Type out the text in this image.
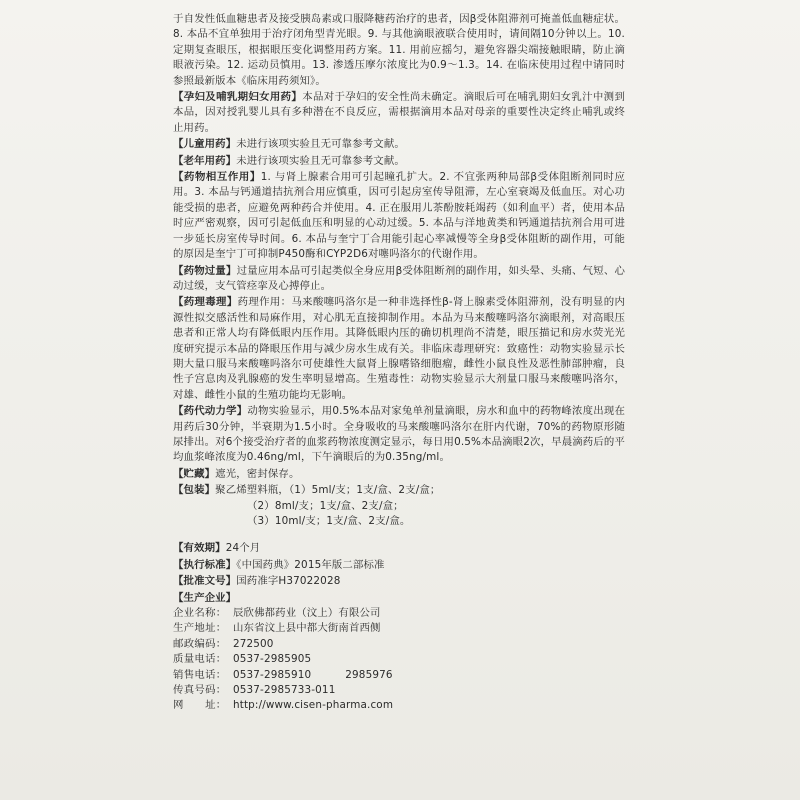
于自发性低血糖患者及接受胰岛素或口服降糖药治疗的患者，因β受体阻滞剂可掩盖低血糖症状。8. 本品不宜单独用于治疗闭角型青光眼。9. 与其他滴眼液联合使用时，请间隔10分钟以上。10. 定期复查眼压，根据眼压变化调整用药方案。11. 用前应摇匀，避免容器尖端接触眼睛，防止滴眼液污染。12. 运动员慎用。13. 渗透压摩尔浓度比为0.9～1.3。14. 在临床使用过程中请同时参照最新版本《临床用药须知》。

【孕妇及哺乳期妇女用药】本品对于孕妇的安全性尚未确定。滴眼后可在哺乳期妇女乳汁中测到本品，因对授乳婴儿具有多种潜在不良反应，需根据滴用本品对母亲的重要性决定终止哺乳或终止用药。

【儿童用药】未进行该项实验且无可靠参考文献。

【老年用药】未进行该项实验且无可靠参考文献。

【药物相互作用】1. 与肾上腺素合用可引起瞳孔扩大。2. 不宜张两种局部β受体阻断剂同时应用。3. 本品与钙通道拮抗剂合用应慎重，因可引起房室传导阻滞，左心室衰竭及低血压。对心功能受损的患者，应避免两种药合并使用。4. 正在服用儿茶酚胺耗竭药（如利血平）者，使用本品时应严密观察，因可引起低血压和明显的心动过缓。5. 本品与洋地黄类和钙通道拮抗剂合用可进一步延长房室传导时间。6. 本品与奎宁丁合用能引起心率减慢等全身β受体阻断的副作用，可能的原因是奎宁丁可抑制P450酶和CYP2D6对噻吗洛尔的代谢作用。

【药物过量】过量应用本品可引起类似全身应用β受体阻断剂的副作用，如头晕、头痛、气短、心动过缓，支气管痉挛及心搏停止。

【药理毒理】药理作用：马来酸噻吗洛尔是一种非选择性β-肾上腺素受体阻滞剂，没有明显的内源性拟交感活性和局麻作用，对心肌无直接抑制作用。本品为马来酸噻吗洛尔滴眼剂，对高眼压患者和正常人均有降低眼内压作用。其降低眼内压的确切机理尚不清楚，眼压描记和房水荧光光度研究提示本品的降眼压作用与减少房水生成有关。非临床毒理研究：致癌性：动物实验显示长期大量口服马来酸噻吗洛尔可使雄性大鼠肾上腺嗜铬细胞瘤，雌性小鼠良性及恶性肺部肿瘤，良性子宫息肉及乳腺癌的发生率明显增高。生殖毒性：动物实验显示大剂量口服马来酸噻吗洛尔，对雄、雌性小鼠的生殖功能均无影响。

【药代动力学】动物实验显示，用0.5%本品对家兔单剂量滴眼，房水和血中的药物峰浓度出现在用药后30分钟，半衰期为1.5小时。全身吸收的马来酸噻吗洛尔在肝内代谢，70%的药物原形随尿排出。对6个接受治疗者的血浆药物浓度测定显示，每日用0.5%本品滴眼2次，早晨滴药后的平均血浆峰浓度为0.46ng/ml，下午滴眼后的为0.35ng/ml。

【贮藏】遮光，密封保存。

【包装】聚乙烯塑料瓶，（1）5ml/支；1支/盒、2支/盒；
（2）8ml/支；1支/盒、2支/盒；
（3）10ml/支；1支/盒、2支/盒。

【有效期】24个月

【执行标准】《中国药典》2015年版二部标准

【批准文号】国药准字H37022028

【生产企业】

企业名称： 辰欣佛都药业（汶上）有限公司
生产地址： 山东省汶上县中都大街南首西侧
邮政编码： 272500
质量电话： 0537-2985905
销售电话： 0537-2985910	2985976
传真号码： 0537-2985733-011
网　　址： http://www.cisen-pharma.com
